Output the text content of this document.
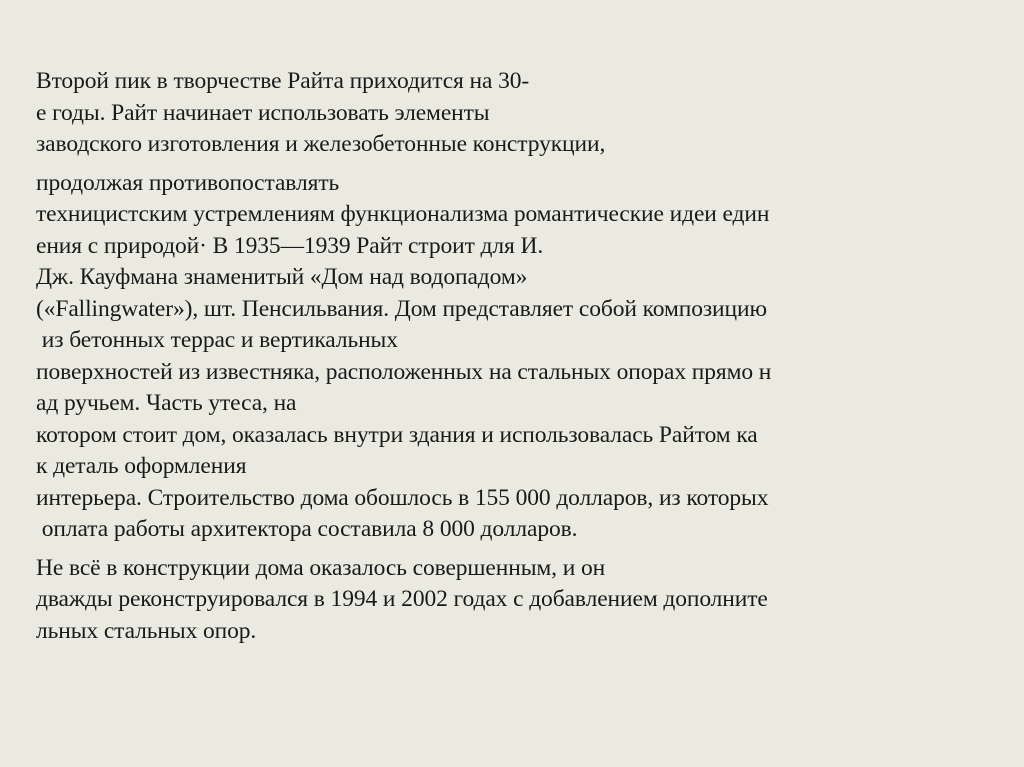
Второй пик в творчестве Райта приходится на 30-
е годы. Райт начинает использовать элементы
заводского изготовления и железобетонные конструкции,

продолжая противопоставлять
техницистским устремлениям функционализма романтические идеи един
ения с природой· В 1935—1939 Райт строит для И.
Дж. Кауфмана знаменитый «Дом над водопадом»
(«Fallingwater»), шт. Пенсильвания. Дом представляет собой композицию
из бетонных террас и вертикальных
поверхностей из известняка, расположенных на стальных опорах прямо н
ад ручьем. Часть утеса, на
котором стоит дом, оказалась внутри здания и использовалась Райтом ка
к деталь оформления
интерьера. Строительство дома обошлось в 155 000 долларов, из которых
оплата работы архитектора составила 8 000 долларов.

Не всё в конструкции дома оказалось совершенным, и он
дважды реконструировался в 1994 и 2002 годах с добавлением дополните
льных стальных опор.
